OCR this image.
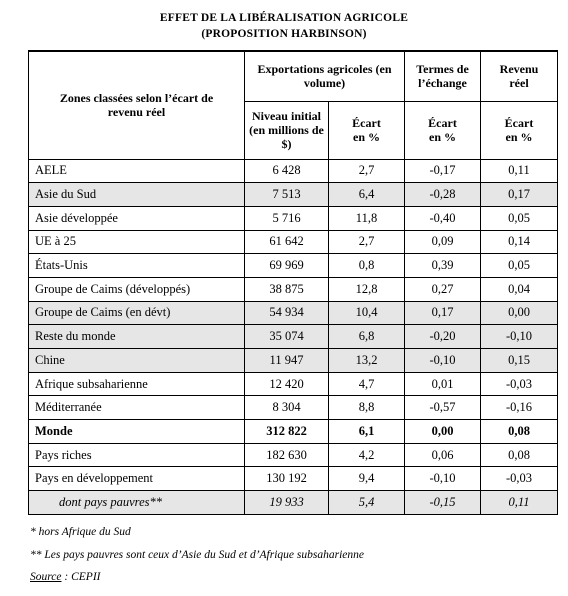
EFFET DE LA LIBÉRALISATION AGRICOLE
(PROPOSITION HARBINSON)
Zones classées selon l’écart de revenu réel	Exportations agricoles (en volume)		Termes de l’échange	Revenu réel
	Niveau initial (en millions de $)	Écart en %	Écart en %	Écart en %
AELE	6 428	2,7	-0,17	0,11
Asie du Sud	7 513	6,4	-0,28	0,17
Asie développée	5 716	11,8	-0,40	0,05
UE à 25	61 642	2,7	0,09	0,14
États-Unis	69 969	0,8	0,39	0,05
Groupe de Caims (développés)	38 875	12,8	0,27	0,04
Groupe de Caims (en dévt)	54 934	10,4	0,17	0,00
Reste du monde	35 074	6,8	-0,20	-0,10
Chine	11 947	13,2	-0,10	0,15
Afrique subsaharienne	12 420	4,7	0,01	-0,03
Méditerranée	8 304	8,8	-0,57	-0,16
Monde	312 822	6,1	0,00	0,08
Pays riches	182 630	4,2	0,06	0,08
Pays en développement	130 192	9,4	-0,10	-0,03
dont pays pauvres**	19 933	5,4	-0,15	0,11
* hors Afrique du Sud
** Les pays pauvres sont ceux d’Asie du Sud et d’Afrique subsaharienne
Source : CEPII
